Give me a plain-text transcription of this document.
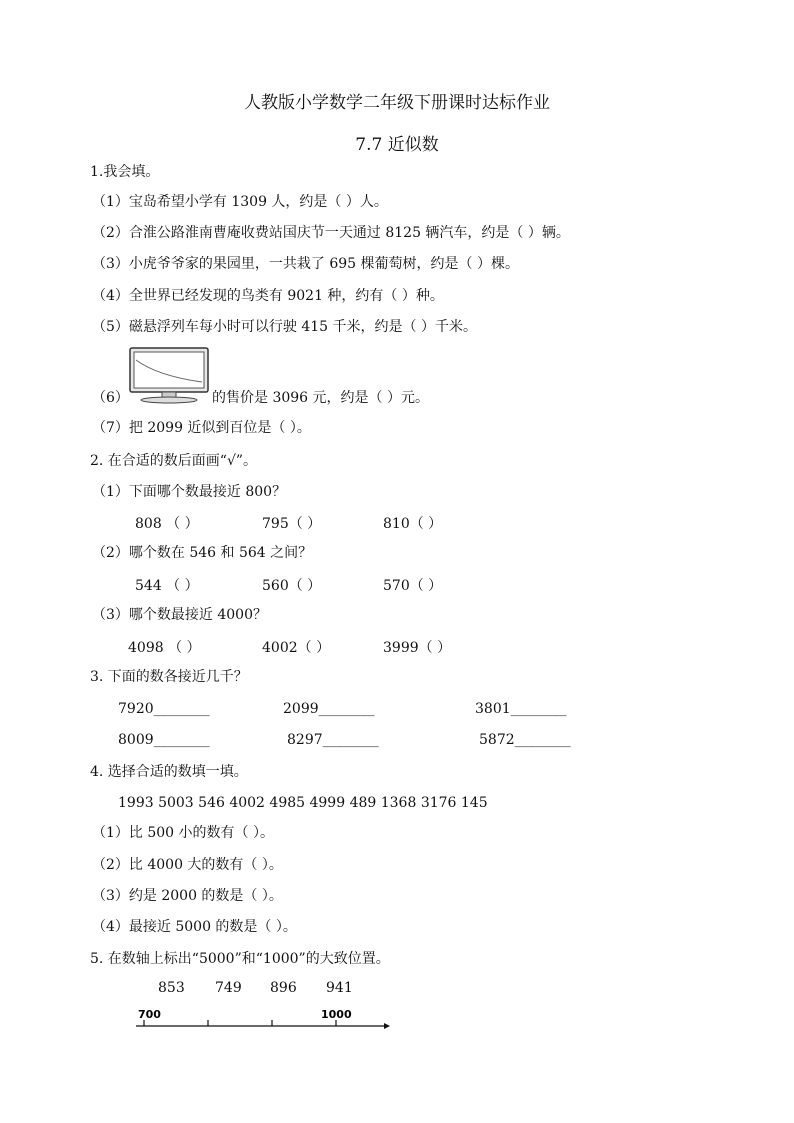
人教版小学数学二年级下册课时达标作业
7.7 近似数
1.我会填。
（1）宝岛希望小学有 1309 人，约是（ ）人。
（2）合淮公路淮南曹庵收费站国庆节一天通过 8125 辆汽车，约是（ ）辆。
（3）小虎爷爷家的果园里，一共栽了 695 棵葡萄树，约是（ ）棵。
（4）全世界已经发现的鸟类有 9021 种，约有（ ）种。
（5）磁悬浮列车每小时可以行驶 415 千米，约是（ ）千米。
（6）	的售价是 3096 元，约是（ ）元。
（7）把 2099 近似到百位是（ ）。
2. 在合适的数后面画“√”。
（1）下面哪个数最接近 800？
808 （ ）	795（ ）	810（ ）
（2）哪个数在 546 和 564 之间？
544 （ ）	560（ ）	570（ ）
（3）哪个数最接近 4000？
4098 （ ）	4002（ ）	3999（ ）
3. 下面的数各接近几千？
7920________	2099________	3801________
8009________	8297________	5872________
4. 选择合适的数填一填。
1993 5003 546 4002 4985 4999 489 1368 3176 145
（1）比 500 小的数有（ ）。
（2）比 4000 大的数有（ ）。
（3）约是 2000 的数是（ ）。
（4）最接近 5000 的数是（ ）。
5. 在数轴上标出“5000”和“1000”的大致位置。
853 749 896 941
700	1000
